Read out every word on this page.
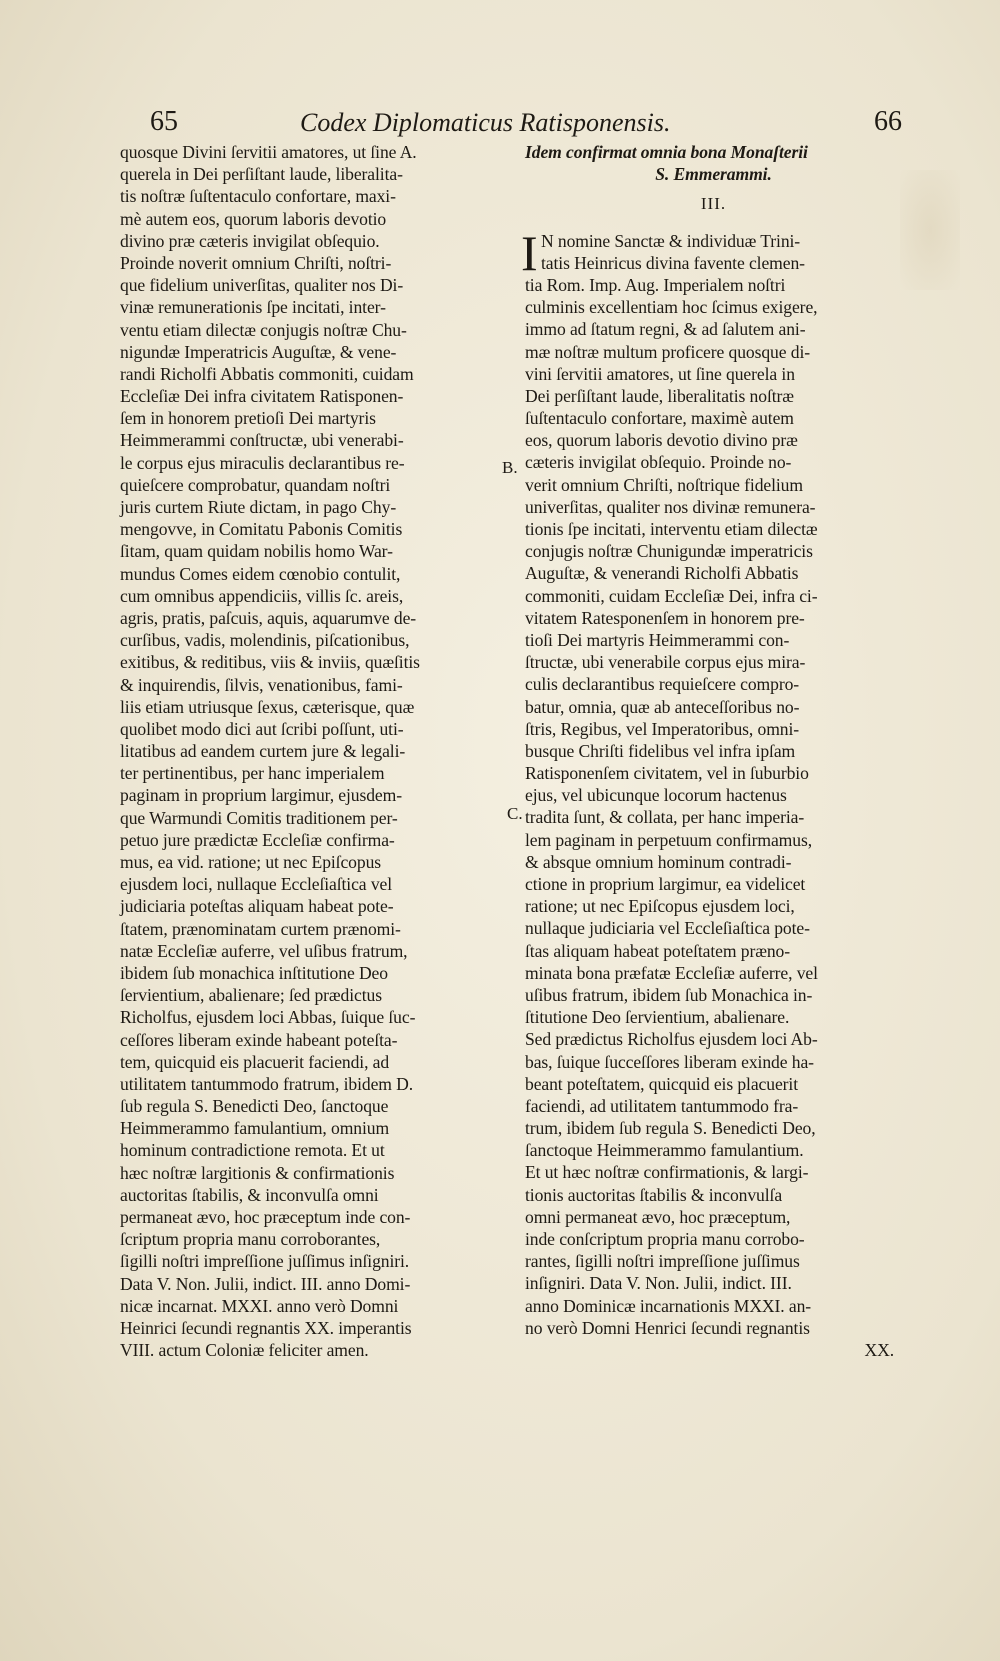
65	Codex Diplomaticus Ratisponensis.	66
quosque Divini ſervitii amatores, ut ſine A.
querela in Dei perſiſtant laude, liberalita-
tis noſtræ ſuſtentaculo confortare, maxi-
mè autem eos, quorum laboris devotio
divino præ cæteris invigilat obſequio.
Proinde noverit omnium Chriſti, noſtri-
que fidelium univerſitas, qualiter nos Di-
vinæ remunerationis ſpe incitati, inter-
ventu etiam dilectæ conjugis noſtræ Chu-
nigundæ Imperatricis Auguſtæ, & vene-
randi Richolfi Abbatis commoniti, cuidam
Eccleſiæ Dei infra civitatem Ratisponen-
ſem in honorem pretioſi Dei martyris
Heimmerammi conſtructæ, ubi venerabi-
le corpus ejus miraculis declarantibus re-
quieſcere comprobatur, quandam noſtri
juris curtem Riute dictam, in pago Chy-
mengovve, in Comitatu Pabonis Comitis
ſitam, quam quidam nobilis homo War-
mundus Comes eidem cœnobio contulit,
cum omnibus appendiciis, villis ſc. areis,
agris, pratis, paſcuis, aquis, aquarumve de-
curſibus, vadis, molendinis, piſcationibus,
exitibus, & reditibus, viis & inviis, quæſitis
& inquirendis, ſilvis, venationibus, fami-
liis etiam utriusque ſexus, cæterisque, quæ
quolibet modo dici aut ſcribi poſſunt, uti-
litatibus ad eandem curtem jure & legali-
ter pertinentibus, per hanc imperialem
paginam in proprium largimur, ejusdem-
que Warmundi Comitis traditionem per-
petuo jure prædictæ Eccleſiæ confirma-
mus, ea vid. ratione; ut nec Epiſcopus
ejusdem loci, nullaque Eccleſiaſtica vel
judiciaria poteſtas aliquam habeat pote-
ſtatem, prænominatam curtem prænomi-
natæ Eccleſiæ auferre, vel uſibus fratrum,
ibidem ſub monachica inſtitutione Deo
ſervientium, abalienare; ſed prædictus
Richolfus, ejusdem loci Abbas, ſuique ſuc-
ceſſores liberam exinde habeant poteſta-
tem, quicquid eis placuerit faciendi, ad
utilitatem tantummodo fratrum, ibidem D.
ſub regula S. Benedicti Deo, ſanctoque
Heimmerammo famulantium, omnium
hominum contradictione remota. Et ut
hæc noſtræ largitionis & confirmationis
auctoritas ſtabilis, & inconvulſa omni
permaneat ævo, hoc præceptum inde con-
ſcriptum propria manu corroborantes,
ſigilli noſtri impreſſione juſſimus inſigniri.
Data V. Non. Julii, indict. III. anno Domi-
nicæ incarnat. MXXI. anno verò Domni
Heinrici ſecundi regnantis XX. imperantis
VIII. actum Coloniæ feliciter amen.
Idem confirmat omnia bona Monaſterii
S. Emmerammi.
III.
I N nomine Sanctæ & individuæ Trini-
tatis Heinricus divina favente clemen-
tia Rom. Imp. Aug. Imperialem noſtri
culminis excellentiam hoc ſcimus exigere,
immo ad ſtatum regni, & ad ſalutem ani-
mæ noſtræ multum proficere quosque di-
vini ſervitii amatores, ut ſine querela in
Dei perſiſtant laude, liberalitatis noſtræ
ſuſtentaculo confortare, maximè autem
eos, quorum laboris devotio divino præ
cæteris invigilat obſequio. Proinde no-
verit omnium Chriſti, noſtrique fidelium
univerſitas, qualiter nos divinæ remunera-
tionis ſpe incitati, interventu etiam dilectæ
conjugis noſtræ Chunigundæ imperatricis
Auguſtæ, & venerandi Richolfi Abbatis
commoniti, cuidam Eccleſiæ Dei, infra ci-
vitatem Ratesponenſem in honorem pre-
tioſi Dei martyris Heimmerammi con-
ſtructæ, ubi venerabile corpus ejus mira-
culis declarantibus requieſcere compro-
batur, omnia, quæ ab anteceſſoribus no-
ſtris, Regibus, vel Imperatoribus, omni-
busque Chriſti fidelibus vel infra ipſam
Ratisponenſem civitatem, vel in ſuburbio
ejus, vel ubicunque locorum hactenus
tradita ſunt, & collata, per hanc imperia-
lem paginam in perpetuum confirmamus,
& absque omnium hominum contradi-
ctione in proprium largimur, ea videlicet
ratione; ut nec Epiſcopus ejusdem loci,
nullaque judiciaria vel Eccleſiaſtica pote-
ſtas aliquam habeat poteſtatem præno-
minata bona præfatæ Eccleſiæ auferre, vel
uſibus fratrum, ibidem ſub Monachica in-
ſtitutione Deo ſervientium, abalienare.
Sed prædictus Richolfus ejusdem loci Ab-
bas, ſuique ſucceſſores liberam exinde ha-
beant poteſtatem, quicquid eis placuerit
faciendi, ad utilitatem tantummodo fra-
trum, ibidem ſub regula S. Benedicti Deo,
ſanctoque Heimmerammo famulantium.
Et ut hæc noſtræ confirmationis, & largi-
tionis auctoritas ſtabilis & inconvulſa
omni permaneat ævo, hoc præceptum,
inde conſcriptum propria manu corrobo-
rantes, ſigilli noſtri impreſſione juſſimus
inſigniri. Data V. Non. Julii, indict. III.
anno Dominicæ incarnationis MXXI. an-
no verò Domni Henrici ſecundi regnantis
XX.
B.
C.
